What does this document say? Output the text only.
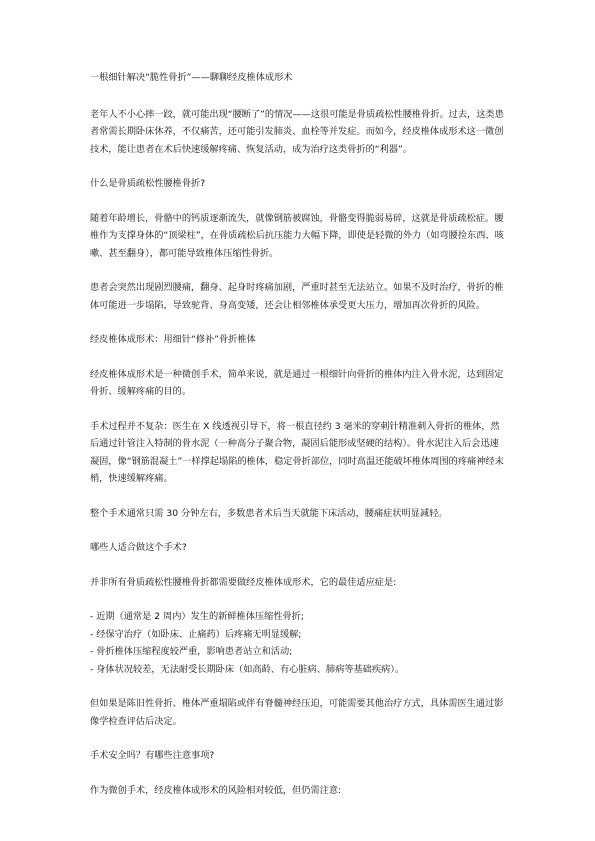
一根细针解决“脆性骨折”——聊聊经皮椎体成形术

老年人不小心摔一跤，就可能出现“腰断了”的情况——这很可能是骨质疏松性腰椎骨折。过去，这类患者常需长期卧床休养，不仅痛苦，还可能引发肺炎、血栓等并发症。而如今，经皮椎体成形术这一微创技术，能让患者在术后快速缓解疼痛、恢复活动，成为治疗这类骨折的“利器”。

什么是骨质疏松性腰椎骨折?

随着年龄增长，骨骼中的钙质逐渐流失，就像钢筋被腐蚀，骨骼变得脆弱易碎，这就是骨质疏松症。腰椎作为支撑身体的“顶梁柱”，在骨质疏松后抗压能力大幅下降，即使是轻微的外力（如弯腰捡东西、咳嗽、甚至翻身），都可能导致椎体压缩性骨折。

患者会突然出现剧烈腰痛，翻身、起身时疼痛加剧，严重时甚至无法站立。如果不及时治疗，骨折的椎体可能进一步塌陷，导致驼背、身高变矮，还会让相邻椎体承受更大压力，增加再次骨折的风险。

经皮椎体成形术：用细针“修补”骨折椎体

经皮椎体成形术是一种微创手术，简单来说，就是通过一根细针向骨折的椎体内注入骨水泥，达到固定骨折、缓解疼痛的目的。

手术过程并不复杂：医生在 X 线透视引导下，将一根直径约 3 毫米的穿刺针精准刺入骨折的椎体，然后通过针管注入特制的骨水泥（一种高分子聚合物，凝固后能形成坚硬的结构）。骨水泥注入后会迅速凝固，像“钢筋混凝土”一样撑起塌陷的椎体，稳定骨折部位，同时高温还能破坏椎体周围的疼痛神经末梢，快速缓解疼痛。

整个手术通常只需 30 分钟左右，多数患者术后当天就能下床活动，腰痛症状明显减轻。

哪些人适合做这个手术?

并非所有骨质疏松性腰椎骨折都需要做经皮椎体成形术，它的最佳适应症是:

- 近期（通常是 2 周内）发生的新鲜椎体压缩性骨折;
- 经保守治疗（如卧床、止痛药）后疼痛无明显缓解;
- 骨折椎体压缩程度较严重，影响患者站立和活动;
- 身体状况较差，无法耐受长期卧床（如高龄、有心脏病、肺病等基础疾病）。

但如果是陈旧性骨折、椎体严重塌陷或伴有脊髓神经压迫，可能需要其他治疗方式，具体需医生通过影像学检查评估后决定。

手术安全吗？有哪些注意事项?

作为微创手术，经皮椎体成形术的风险相对较低，但仍需注意:
